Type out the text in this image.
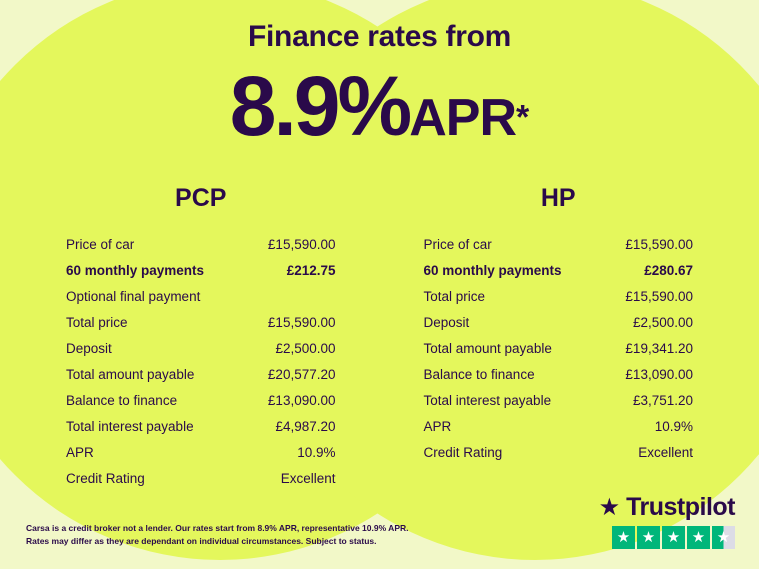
Finance rates from
8.9%APR*
PCP
Price of car	£15,590.00
60 monthly payments	£212.75
Optional final payment
Total price	£15,590.00
Deposit	£2,500.00
Total amount payable	£20,577.20
Balance to finance	£13,090.00
Total interest payable	£4,987.20
APR	10.9%
Credit Rating	Excellent
HP
Price of car	£15,590.00
60 monthly payments	£280.67
Total price	£15,590.00
Deposit	£2,500.00
Total amount payable	£19,341.20
Balance to finance	£13,090.00
Total interest payable	£3,751.20
APR	10.9%
Credit Rating	Excellent
Carsa is a credit broker not a lender. Our rates start from 8.9% APR, representative 10.9% APR.
Rates may differ as they are dependant on individual circumstances. Subject to status.
★ Trustpilot
★ ★ ★ ★ ★
